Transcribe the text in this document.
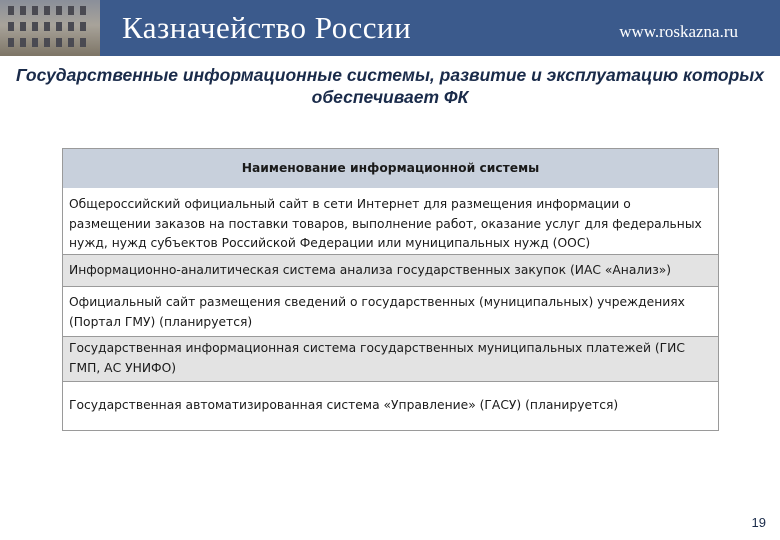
Казначейство России	www.roskazna.ru
Государственные информационные системы, развитие и эксплуатацию которых обеспечивает ФК
Наименование информационной системы
Общероссийский официальный сайт в сети Интернет для размещения информации о размещении заказов на поставки товаров, выполнение работ, оказание услуг для федеральных нужд, нужд субъектов Российской Федерации или муниципальных нужд (ООС)
Информационно-аналитическая система анализа государственных закупок (ИАС «Анализ»)
Официальный сайт размещения сведений о государственных (муниципальных) учреждениях (Портал ГМУ) (планируется)
Государственная информационная система государственных муниципальных платежей (ГИС ГМП, АС УНИФО)
Государственная автоматизированная система «Управление» (ГАСУ) (планируется)
19
